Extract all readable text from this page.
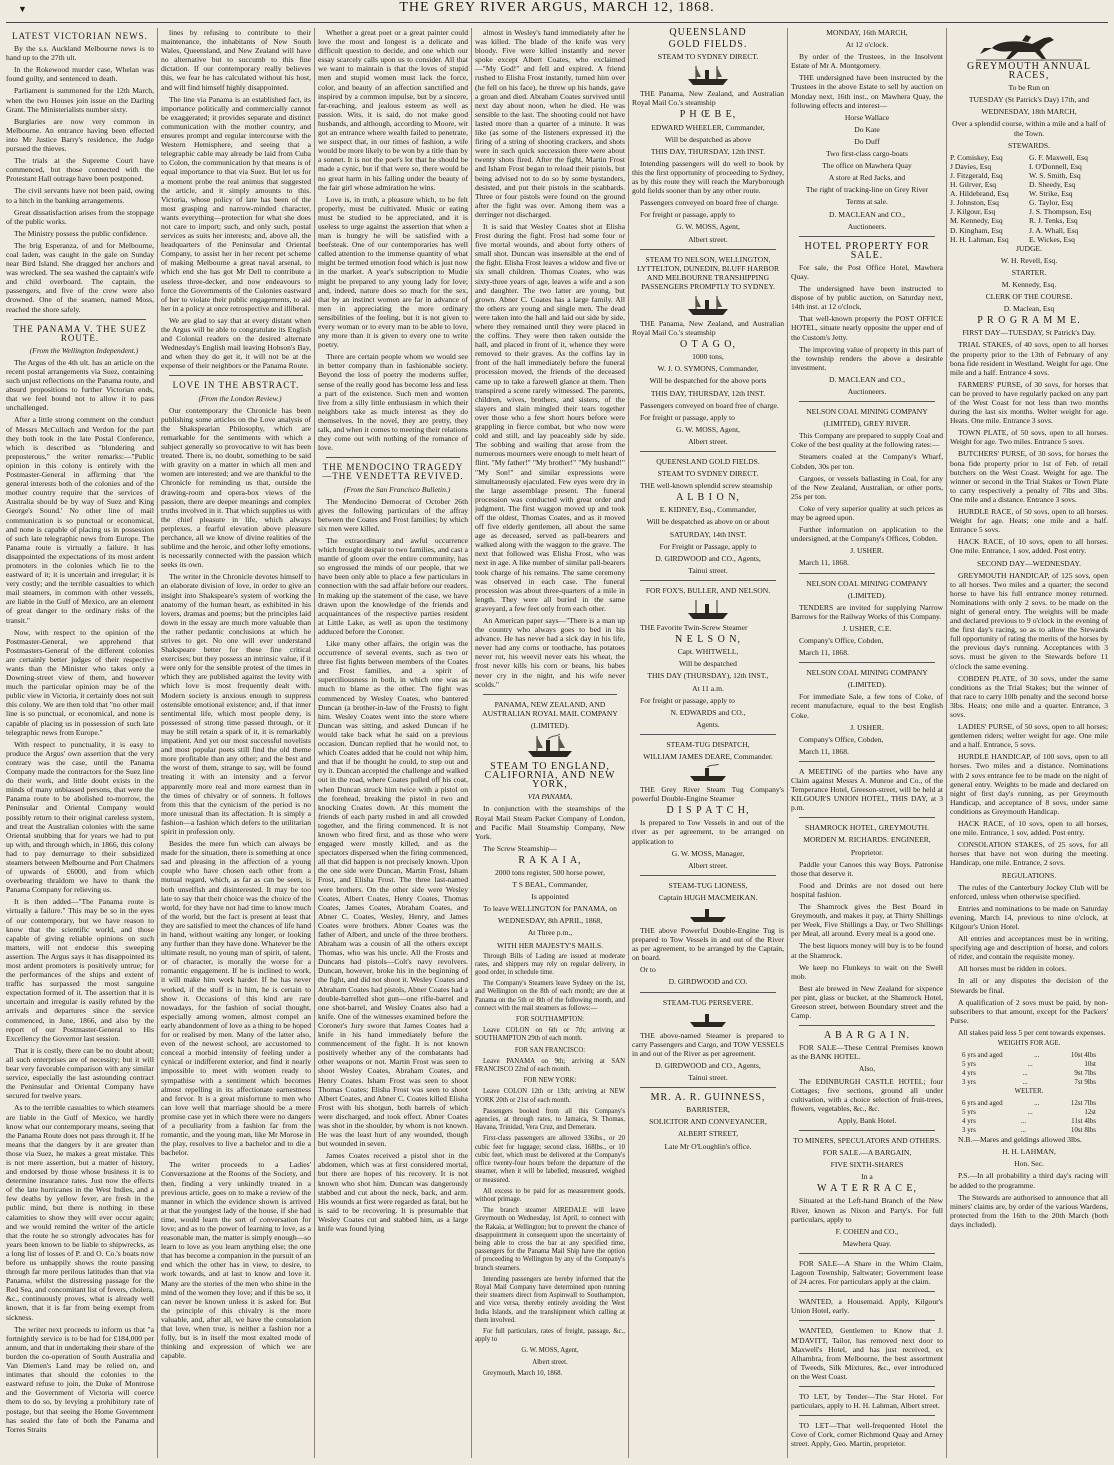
▼	THE GREY RIVER ARGUS, MARCH 12, 1868.
LATEST VICTORIAN NEWS.

By the s.s. Auckland Melbourne news is to hand up to the 27th ult.

In the Rokewood murder case, Whelan was found guilty, and sentenced to death.

Parliament is summoned for the 12th March, when the two Houses join issue on the Darling Grant. The Ministerialists number sixty.

Burglaries are now very common in Melbourne. An entrance having been effected into Mr Justice Barry's residence, the Judge pursued the thieves.

The trials at the Supreme Court have commenced, but those connected with the Protestant Hall outrage have been postponed.

The civil servants have not been paid, owing to a hitch in the banking arrangements.

Great dissatisfaction arises from the stoppage of the public works.

The Ministry possess the public confidence.

The brig Esperanza, of and for Melbourne, coal laden, was caught in the gale on Sunday near Bird Island. She dragged her anchors and was wrecked. The sea washed the captain's wife and child overboard. The captain, the passengers, and five of the crew were also drowned. One of the seamen, named Moss, reached the shore safely.

THE PANAMA V. THE SUEZ ROUTE.

(From the Wellington Independent.)

The Argus of the 4th ult. has an article on the recent postal arrangements via Suez, containing such unjust reflections on the Panama route, and absurd propositions to further Victorian ends, that we feel bound not to allow it to pass unchallenged.

After a little strong comment on the conduct of Messrs McCulloch and Verdon for the part they both took in the late Postal Conference, which is described as "blundering and preposterous," the writer remarks:—"Public opinion in this colony is entirely with the Postmaster-General in affirming that 'the general interests both of the colonies and of the mother country require that the services of Australia should be by way of Suez and King George's Sound.' No other line of mail communication is so punctual or economical, and none is capable of placing us in possession of such late telegraphic news from Europe. The Panama route is virtually a failure. It has disappointed the expectations of its most ardent promoters in the colonies which lie to the eastward of it; it is uncertain and irregular; it is very costly; and the terrible casualties to which mail steamers, in common with other vessels, are liable in the Gulf of Mexico, are an element of great danger to the ordinary risks of the transit."

Now, with respect to the opinion of the Postmaster-General, we apprehend that Postmasters-General of the different colonies are certainly better judges of their respective wants than the Minister who takes only a Downing-street view of them, and however much the particular opinion may be of the public view in Victoria, it certainly does not suit this colony. We are then told that "no other mail line is so punctual, or economical, and none is capable of placing us in possession of such late telegraphic news from Europe."

With respect to punctuality, it is easy to produce the Argus' own assertion that the very contrary was the case, until the Panama Company made the contractors for the Suez line do their work, and little doubt exists in the minds of many unbiassed persons, that were the Panama route to be abolished to-morrow, the Peninsular and Oriental Company would possibly return to their original careless system, and treat the Australian colonies with the same Oriental snubbing that for years we had to put up with, and through which, in 1866, this colony had to pay demurrage to their subsidized steamers between Melbourne and Port Chalmers of upwards of £6000, and from which overbearing thraldom we have to thank the Panama Company for relieving us.

It is then added—"The Panama route is virtually a failure." This may be so in the eyes of our contemporary, but we have reason to know that the scientific world, and those capable of giving reliable opinions on such matters, will not endorse this sweeping assertion. The Argus says it has disappointed its most ardent promoters is positively untrue; for the performances of the ships and extent of traffic has surpassed the most sanguine expectation formed of it. The assertion that it is uncertain and irregular is easily refuted by the arrivals and departures since the service commenced, in June, 1866, and also by the report of our Postmaster-General to His Excellency the Governor last session.

That it is costly, there can be no doubt about; all such enterprises are of necessity; but it will bear very favorable comparison with any similar service, especially the last astounding contract the Peninsular and Oriental Company have secured for twelve years.

As to the terrible casualties to which steamers are liable in the Gulf of Mexico, we hardly know what our contemporary means, seeing that the Panama Route does not pass through it. If he means that the dangers by it are greater than those via Suez, he makes a great mistake. This is not mere assertion, but a matter of history, and endorsed by those whose business it is to determine insurance rates. Just now the effects of the late hurricanes in the West Indies, and a few deaths by yellow fever, are fresh in the public mind, but there is nothing in these calamities to show they will ever occur again; and we would remind the writer of the article that the route he so strongly advocates has for years been known to be liable to shipwrecks, as a long list of losses of P. and O. Co.'s boats now before us unhappily shows the route passing through far more perilous latitudes than that via Panama, whilst the distressing passage for the Red Sea, and concomitant list of fevers, cholera, &c., continuously proves, what is already well known, that it is far from being exempt from sickness.

The writer next proceeds to inform us that "a fortnightly service is to be had for £184,000 per annum, and that in undertaking their share of the burden the co-operation of South Australia and Van Diemen's Land may be relied on, and intimates that should the colonies to the eastward refuse to join, the Duke of Montrose and the Government of Victoria will coerce them to do so, by levying a prohibitory rate of postage, but that seeing the Home Government has sealed the fate of both the Panama and Torres Straits

lines by refusing to contribute to their maintenance, the inhabitants of New South Wales, Queensland, and New Zealand will have no alternative but to succumb to this fine dictation. If our contemporary really believes this, we fear he has calculated without his host, and will find himself highly disappointed.

The line via Panama is an established fact, its importance politically and commercially cannot be exaggerated; it provides separate and distinct communication with the mother country, and ensures prompt and regular intercourse with the Western Hemisphere, and seeing that a telegraphic cable may already be laid from Cuba to Colon, the communication by that means is of equal importance to that via Suez. But let us for a moment probe the real animus that suggested the article, and it simply amounts to this. Victoria, whose policy of late has been of the most grasping and narrow-minded character, wants everything—protection for what she does not care to import; such, and only such, postal services as suits her interests; and, above all, the headquarters of the Peninsular and Oriental Company, to assist her in her recent pet scheme of making Melbourne a great naval arsenal, to which end she has got Mr Dell to contribute a useless three-decker, and now endeavours to force the Governments of the Colonies eastward of her to violate their public engagements, to aid her in a policy at once retrospective and illiberal.

We are glad to say that at every distant when the Argus will be able to congratulate its English and Colonial readers on the desired alternate Wednesday's English mail leaving Hobson's Bay, and when they do get it, it will not be at the expense of their neighbors or the Panama Route.

LOVE IN THE ABSTRACT.

(From the London Review.)

Our contemporary the Chronicle has been publishing some articles on the Love analysis of the Shakspearian Philosophy, which are remarkable for the sentiments with which a subject generally so provocative to wit has been treated. There is, no doubt, something to be said with gravity on a matter in which all men and women are interested; and we are thankful to the Chronicle for reminding us that, outside the drawing-room and opera-box views of the passion, there are deeper meanings and complex truths involved in it. That which supplies us with the chief pleasure in life, which always perplexes, a fearful elevation above pleasure perchance, all we know of divine realities of the sublime and the heroic, and other lofty emotions, is necessarily connected with the passion which seeks its own.

The writer in the Chronicle devotes himself to an elaborate division of love, in order to give an insight into Shakspeare's system of working the anatomy of the human heart, as exhibited in his lovers, dramas and poems; but the principles laid down in the essay are much more valuable than the rather pedantic conclusions at which he strives to get. No one will ever understand Shakspeare better for these fine critical exercises; but they possess an intrinsic value, if it were only for the sensible protest of the times in which they are published against the levity with which love is most frequently dealt with. Modern society is anxious enough to suppress ostensible emotional existence; and, if that inner sentimental life, which most people deny, is possessed of strong time passed through, or it may be still retain a spark of it, it is remarkably impatient. And yet our most successful novelists and most popular poets still find the old theme more profitable than any other; and the best and the worst of them, strange to say, will be found treating it with an intensity and a fervor apparently more real and more earnest than in the times of chivalry or of sonnets. It follows from this that the cynicism of the period is no more unusual than its affectation. It is simply a fashion—a fashion which defers to the utilitarian spirit in profession only.

Besides the mere fun which can always be made for the situation, there is something at once sad and pleasing in the affection of a young couple who have chosen each other from a mutual regard, which, as far as can be seen, is both unselfish and disinterested. It may be too late to say that their choice was the choice of the world, for they have not had time to know much of the world, but the fact is present at least that they are satisfied to meet the chances of life hand in hand, without waiting any longer, or looking any further than they have done. Whatever be the ultimate result, no young man of spirit, of talent, or of character, is morally the worse for a romantic engagement. If he is inclined to work, it will make him work harder. If he has never worked, if the stuff is in him, he is certain to show it. Occasions of this kind are rare nowadays, for the fashion of social thought, especially among women, almost compel an early abandonment of love as a thing to be hoped for or realised by men. Many of the latter also, even of the newest school, are accustomed to conceal a morbid intensity of feeling under a cynical or indifferent exterior, and find it nearly impossible to meet with women ready to sympathise with a sentiment which becomes almost repelling in its affectionate earnestness and fervor. It is a great misfortune to men who can love well that marriage should be a mere promise case yet in which there were no dangers of a peculiarity from a fashion far from the romantic, and the young man, like Mr Morose in the play, resolves to live a bachelor and to die a bachelor.

The writer proceeds to a Ladies' Conversazione at the Rooms of the Society, and then, finding a very unkindly treated in a previous article, goes on to make a review of the manner in which the evidence shown is arrived at that the youngest lady of the house, if she had time, would learn the sort of conversation for love; and as to the power of learning to love, as a reasonable man, the matter is simply enough—so learn to love as you learn anything else; the one that has become a companion in the pursuit of an end which the other has in view, to desire, to work towards, and at last to know and love it. Many are the stories of the men who shine in the mind of the women they love; and if this be so, it can never be known unless it is asked for. But the principle of this chivalry is the more valuable, and, after all, we have the consolation that love, when true, is neither a fashion nor a folly, but is in itself the most exalted mode of thinking and expression of which we are capable.

Whether a great poet or a great painter could love the most and longest is a delicate and difficult question to decide, and one which our essay scarcely calls upon us to consider. All that we want to maintain is that the loves of stupid men and stupid women must lack the force, color, and beauty of an affection sanctified and inspired by a common impulse, but by a sincere, far-reaching, and jealous esteem as well as passion. Wits, it is said, do not make good husbands, and although, according to Moore, wit got an entrance where wealth failed to penetrate, we suspect that, in our times of fashion, a wife would be more likely to be won by a title than by a sonnet. It is not the poet's lot that he should be made a cynic, but if that were so, there would be no great harm in his falling under the beauty of the fair girl whose admiration he wins.

Love is, in truth, a pleasure which, to be felt properly, must be cultivated. Music or eating must be studied to be appreciated, and it is useless to urge against the assertion that when a man is hungry he will be satisfied with a beefsteak. One of our contemporaries has well called attention to the immense quantity of what might be termed emotion food which is just now in the market. A year's subscription to Mudie might be prepared to any young lady for love; and, indeed, nature does so much for the sex, that by an instinct women are far in advance of men in appreciating the more ordinary sensibilities of the feeling, but it is not given to every woman or to every man to be able to love, any more than it is given to every one to write poetry.

There are certain people whom we would see in better company than in fashionable society. Beyond the loss of poetry the moderns suffer, sense of the really good has become less and less a part of the existence. Such men and women live from a silly little enthusiasm in which their neighbors take as much interest as they do themselves. In the novel, they are pretty, they talk, and when it comes to meeting their relations they come out with nothing of the romance of love.

THE MENDOCINO TRAGEDY—THE VENDETTA REVIVED.

(From the San Francisco Bulletin.)

The Mendocino Democrat of October 26th gives the following particulars of the affray between the Coates and Frost families; by which six men were killed.

The extraordinary and awful occurrence which brought despair to two families, and cast a mantle of gloom over the entire community, has so engrossed the minds of our people, that we have been only able to place a few particulars in connection with the sad affair before our readers. In making up the statement of the case, we have drawn upon the knowledge of the friends and acquaintances of the respective parties resident at Little Lake, as well as upon the testimony adduced before the Coroner.

Like many other affairs, the origin was the occurrence of several events, such as two or three fist fights between members of the Coates and Frost families, and a spirit of superciliousness in both, in which one was as much to blame as the other. The fight was commenced by Wesley Coates, who bantered Duncan (a brother-in-law of the Frosts) to fight him. Wesley Coates went into the store where Duncan was sitting, and asked Duncan if he would take back what he said on a previous occasion. Duncan replied that he would not, to which Coates added that he could not whip him, and that if he thought he could, to step out and try it. Duncan accepted the challenge and walked out in the road, where Coates pulled off his coat, when Duncan struck him twice with a pistol on the forehead, breaking the pistol in two and knocking Coates down. At this moment the friends of each party rushed in and all crowded together, and the firing commenced. It is not known who fired first, and as those who were engaged were mostly killed, and as the spectators dispersed when the firing commenced, all that did happen is not precisely known. Upon the one side were Duncan, Martin Frost, Isham Frost, and Elisha Frost. The three last-named were brothers. On the other side were Wesley Coates, Albert Coates, Henry Coates, Thomas Coates, James Coates, Abraham Coates, and Abner C. Coates, Wesley, Henry, and James Coates were brothers. Abner Coates was the father of Albert, and uncle of the three brothers. Abraham was a cousin of all the others except Thomas, who was his uncle. All the Frosts and Duncans had pistols—Colt's navy revolvers. Duncan, however, broke his in the beginning of the fight, and did not shoot it. Wesley Coates and Abraham Coates had pistols, Abner Coates had a double-barrelled shot gun—one rifle-barrel and one shot-barrel, and Wesley Coates also had a knife. One of the witnesses examined before the Coroner's Jury swore that James Coates had a knife in his hand immediately before the commencement of the fight. It is not known positively whether any of the combatants had other weapons or not. Martin Frost was seen to shoot Wesley Coates, Abraham Coates, and Henry Coates. Isham Frost was seen to shoot Thomas Coates; Elisha Frost was seen to shoot Albert Coates, and Abner C. Coates killed Elisha Frost with his shotgun, both barrels of which were discharged, and took effect. Abner Coates was shot in the shoulder, by whom is not known. He was the least hurt of any wounded, though but wounded in seven.

James Coates received a pistol shot in the abdomen, which was at first considered mortal, but there are hopes of his recovery. It is not known who shot him. Duncan was dangerously stabbed and cut about the neck, back, and arm. His wounds at first were regarded as fatal, but he is said to be recovering. It is presumable that Wesley Coates cut and stabbed him, as a large knife was found lying

almost in Wesley's hand immediately after he was killed. The blade of the knife was very bloody. Five were killed instantly and never spoke except Albert Coates, who exclaimed—"My God!" and fell and expired. A friend rushed to Elisha Frost instantly, turned him over (he fell on his face), he threw up his hands, gave a groan and died. Abraham Coates survived until next day about noon, when he died. He was sensible to the last. The shooting could not have lasted more than a quarter of a minute. It was like (as some of the listeners expressed it) the firing of a string of shooting crackers, and shots were in such quick succession there were about twenty shots fired. After the fight, Martin Frost and Isham Frost began to reload their pistols, but being advised not to do so by some bystanders, desisted, and put their pistols in the scabbards. Three or four pistols were found on the ground after the fight was over. Among them was a derringer not discharged.

It is said that Wesley Coates shot at Elisha Frost during the fight. Frost had some four or five mortal wounds, and about forty others of small shot. Duncan was insensible at the end of the fight. Elisha Frost leaves a widow and five or six small children. Thomas Coates, who was sixty-three years of age, leaves a wife and a son and daughter. The two latter are young, but grown. Abner C. Coates has a large family. All the others are young and single men. The dead were taken into the hall and laid out side by side, where they remained until they were placed in the coffins. They were then taken outside the hall, and placed in front of it, whence they were removed to their graves. As the coffins lay in front of the hall immediately before the funeral procession moved, the friends of the deceased came up to take a farewell glance at them. Then transpired a scene rarely witnessed. The parents, children, wives, brothers, and sisters, of the slayers and slain mingled their tears together over those who a few short hours before were grappling in fierce combat, but who now were cold and still, and lay peaceably side by side. The sobbing and wailing that arose from the numerous mourners were enough to melt heart of flint. "My father!" "My brother!" "My husband!" "My Son!" and similar expressions were simultaneously ejaculated. Few eyes were dry in the large assemblage present. The funeral procession was conducted with great order and judgment. The first waggon moved up and took off the oldest, Thomas Coates, and as it moved off five elderly gentlemen, all about the same age as deceased, served as pall-bearers and walked along with the waggon to the grave. The next that followed was Elisha Frost, who was next in age. A like number of similar pall-bearers took charge of his remains. The same ceremony was observed in each case. The funeral procession was about three-quarters of a mile in length. They were all buried in the same graveyard, a few feet only from each other.

An American paper says—"There is a man up the country who always goes to bed in his advance. He has never had a sick day in his life, never had any corns or toothache, has potatoes never rot, his weevil never eats his wheat, the frost never kills his corn or beans, his babes never cry in the night, and his wife never scolds."

PANAMA, NEW ZEALAND, AND AUSTRALIAN ROYAL MAIL COMPANY

(LIMITED).

STEAM TO ENGLAND, CALIFORNIA, AND NEW YORK,

VIA PANAMA,

In conjunction with the steamships of the Royal Mail Steam Packet Company of London, and Pacific Mail Steamship Company, New York.

The Screw Steamship—

R A K A I A,

2000 tons register, 500 horse power,

T S BEAL, Commander,

Is appointed

To leave WELLINGTON for PANAMA, on

WEDNESDAY, 8th APRIL, 1868,

At Three p.m.,

WITH HER MAJESTY'S MAILS.

Through Bills of Lading are issued at moderate rates, and shippers may rely on regular delivery, in good order, in schedule time.

The Company's Steamers leave Sydney on the 1st, and Wellington on the 8th of each month; are due at Panama on the 5th or 8th of the following month, and connect with the mail steamers as follows:—

FOR SOUTHAMPTON:

Leave COLON on 6th or 7th; arriving at SOUTHAMPTON 29th of each month.

FOR SAN FRANCISCO:

Leave PANAMA on 9th; arriving at SAN FRANCISCO 22nd of each month.

FOR NEW YORK:

Leave COLON 12th or 13th; arriving at NEW YORK 20th or 21st of each month.

Passengers booked from all this Company's agencies, at through rates, to Jamaica, St Thomas, Havana, Trinidad, Vera Cruz, and Demerara.

First-class passengers are allowed 336lbs., or 20 cubic feet for luggage; second class, 168lbs., or 10 cubic feet, which must be delivered at the Company's office twenty-four hours before the departure of the steamer, when it will be labelled, measured, weighed or measured.

All excess to be paid for as measurement goods, without primage.

The branch steamer AIREDALE will leave Greymouth on Wednesday, 1st April, to connect with the Rakaia, at Wellington; but to prevent the chance of disappointment in consequent upon the uncertainty of being able to cross the bar at any specified time, passengers for the Panama Mail Ship have the option of proceeding to Wellington by any of the Company's branch steamers.

Intending passengers are hereby informed that the Royal Mail Company have determined upon running their steamers direct from Aspinwall to Southampton, and vice versa, thereby entirely avoiding the West India Islands, and the transhipment which calling at them involved.

For full particulars, rates of freight, passage, &c., apply to

G. W. MOSS, Agent,

Albert street.

Greymouth, March 10, 1868.

QUEENSLAND

GOLD FIELDS.

STEAM TO SYDNEY DIRECT.

THE Panama, New Zealand, and Australian Royal Mail Co.'s steamship

P H Œ B E,

EDWARD WHEELER, Commander,

Will be despatched as above

THIS DAY, THURSDAY, 12th INST.

Intending passengers will do well to book by this the first opportunity of proceeding to Sydney, as by this route they will reach the Maryborough gold fields sooner than by any other route.

Passengers conveyed on board free of charge.

For freight or passage, apply to

G. W. MOSS, Agent,

Albert street.

STEAM TO NELSON, WELLINGTON, LYTTELTON, DUNEDIN, BLUFF HARBOR AND MELBOURNE TRANSHIPPING PASSENGERS PROMPTLY TO SYDNEY.

THE Panama, New Zealand, and Australian Royal Mail Co.'s steamship

O T A G O,

1000 tons,

W. J. O. SYMONS, Commander,

Will be despatched for the above ports

THIS DAY, THURSDAY, 12th INST.

Passengers conveyed on board free of charge.

For freight or passage, apply to

G. W. MOSS, Agent,

Albert street.

QUEENSLAND GOLD FIELDS.

STEAM TO SYDNEY DIRECT.

THE well-known splendid screw steamship

A L B I O N,

E. KIDNEY, Esq., Commander,

Will be despatched as above on or about

SATURDAY, 14th INST.

For Freight or Passage, apply to

D. GIRDWOOD and CO., Agents,

Tainui street.

FOR FOX'S, BULLER, AND NELSON.

THE Favorite Twin-Screw Steamer

N E L S O N,

Capt. WHITWELL,

Will be despatched

THIS DAY (THURSDAY), 12th INST.,

At 11 a.m.

For freight or passage, apply to

N. EDWARDS and CO.,

Agents.

STEAM-TUG DISPATCH,

WILLIAM JAMES DEARE, Commander.

THE Grey River Steam Tug Company's powerful Double-Engine Steamer

D I S P A T C H,

Is prepared to Tow Vessels in and out of the river as per agreement, to be arranged on application to

G. W. MOSS, Manager,

Albert street.

STEAM-TUG LIONESS,

Captain HUGH MACMEIKAN.

THE above Powerful Double-Engine Tug is prepared to Tow Vessels in and out of the River as per agreement, to be arranged by the Captain, on board.

Or to

D. GIRDWOOD and CO.

STEAM-TUG PERSEVERE.

THE above-named Steamer is prepared to carry Passengers and Cargo, and TOW VESSELS in and out of the River as per agreement.

D. GIRDWOOD and CO., Agents,

Tainui street.

MR. A. R. GUINNESS,

BARRISTER,

SOLICITOR AND CONVEYANCER,

ALBERT STREET,

Late Mr O'Loughlin's office.

MONDAY, 16th MARCH,

At 12 o'clock.

By order of the Trustees, in the Insolvent Estate of Mr A. Montgomery.

THE undersigned have been instructed by the Trustees in the above Estate to sell by auction on Monday next, 16th inst., on Mawhera Quay, the following effects and interest—

Horse Wallace

Do Kate

Do Duff

Two first-class cargo-boats

The office on Mawhera Quay

A store at Red Jacks, and

The right of tracking-line on Grey River

Terms at sale.

D. MACLEAN and CO.,

Auctioneers.

HOTEL PROPERTY FOR SALE.

For sale, the Post Office Hotel, Mawhera Quay.

The undersigned have been instructed to dispose of by public auction, on Saturday next, 14th inst. at 12 o'clock,

That well-known property the POST OFFICE HOTEL, situate nearly opposite the upper end of the Custom's Jetty.

The improving value of property in this part of the township renders the above a desirable investment.

D. MACLEAN and CO.,

Auctioneers.

NELSON COAL MINING COMPANY

(LIMITED), GREY RIVER.

This Company are prepared to supply Coal and Coke of the best quality at the following rates:—

Steamers coaled at the Company's Wharf, Cobden, 30s per ton.

Cargoes, or vessels ballasting in Coal, for any of the New Zealand, Australian, or other ports, 25s per ton.

Coke of very superior quality at such prices as may be agreed upon.

Further information on application to the undersigned, at the Company's Offices, Cobden.

J. USHER.

March 11, 1868.

NELSON COAL MINING COMPANY

(LIMITED).

TENDERS are invited for supplying Narrow Barrows for the Railway Works of this Company.

J. USHER, C.E.

Company's Office, Cobden,

March 11, 1868.

NELSON COAL MINING COMPANY

(LIMITED).

For immediate Sale, a few tons of Coke, of recent manufacture, equal to the best English Coke.

J. USHER.

Company's Office, Cobden,

March 11, 1868.

A MEETING of the parties who have any Claim against Messrs A. Munroe and Co., of the Temperance Hotel, Greeson-street, will be held at KILGOUR'S UNION HOTEL, THIS DAY, at 3 p.m.

SHAMROCK HOTEL, GREYMOUTH.

MORDEN M. RICHARDS. ENGINEER,

Proprietor.

Paddle your Canoes this way Boys. Patronise those that deserve it.

Food and Drinks are not dosed out here hospital fashion.

The Shamrock gives the Best Board in Greymouth, and makes it pay, at Thirty Shillings per Week, Five Shillings a Day, or Two Shillings per Meal, all around. Every meal is a good one.

The best liquors money will buy is to be found at the Shamrock.

We keep no Flunkeys to wait on the Swell mob.

Best ale brewed in New Zealand for sixpence per pint, glass or bucket, at the Shamrock Hotel, Greeson street, between Boundary street and the Camp.

A B A R G A I N.

FOR SALE—These Central Premises known as the BANK HOTEL.

Also,

The EDINBURGH CASTLE HOTEL; four Cottages; five sections, ground all under cultivation, with a choice selection of fruit-trees, flowers, vegetables, &c., &c.

Apply, Bank Hotel.

TO MINERS, SPECULATORS AND OTHERS.

FOR SALE.—A BARGAIN,

FIVE SIXTH-SHARES

In a

W A T E R R A C E,

Situated at the Left-hand Branch of the New River, known as Nixon and Party's. For full particulars, apply to

F. COHEN and CO.,

Mawhera Quay.

FOR SALE—A Share in the Whim Claim, Lagoon Township, Saltwater; Government lease of 24 acres. For particulars apply at the claim.

WANTED, a Housemaid. Apply, Kilgour's Union Hotel, early.

WANTED, Gentlemen to Know that J. M'DAVITT, Tailor, has removed next door to Maxwell's Hotel, and has just received, ex Alhambra, from Melbourne, the best assortment of Tweeds, Silk Mixtures, &c., ever introduced on the West Coast.

TO LET, by Tender—The Star Hotel. For particulars, apply to H. H. Lahman, Albert street.

TO LET—That well-frequented Hotel the Cove of Cork, corner Richmond Quay and Arney street. Apply, Geo. Martin, proprietor.

GREYMOUTH ANNUAL RACES,

To be Run on

TUESDAY (St Patrick's Day) 17th, and

WEDNESDAY, 18th MARCH,

Over a splendid course, within a mile and a half of the Town.

STEWARDS.

P. Comiskey, Esq	G. F. Maxwell, Esq
J Davies, Esq	I. O'Donnell, Esq
J. Fitzgerald, Esq	W. S. Smith, Esq
H. Gilrver, Esq	D. Sheedy, Esq
A. Hildebrand, Esq	W. Strike, Esq
J. Johnston, Esq	G. Taylor, Esq
J. Kilgour, Esq	J. S. Thompson, Esq
M. Kennedy, Esq	R. J. Tenks, Esq
D. Kingham, Esq	J. A. Whall, Esq
H. H. Lahman, Esq	E. Wickes, Esq

JUDGE.

W. H. Revell, Esq.

STARTER.

M. Kennedy, Esq.

CLERK OF THE COURSE.

D. Maclean, Esq

P R O G R A M M E.

FIRST DAY—TUESDAY, St Patrick's Day.

TRIAL STAKES, of 40 sovs, open to all horses the property prior to the 13th of February of any bona fide resident in Westland. Weight for age. One mile and a half. Entrance 4 sovs.

FARMERS' PURSE, of 30 sovs, for horses that can be proved to have regularly packed on any part of the West Coast for not less than two months during the last six months. Welter weight for age. Heats. One mile. Entrance 3 sovs.

TOWN PLATE, of 50 sovs, open to all horses. Weight for age. Two miles. Entrance 5 sovs.

BUTCHERS' PURSE, of 30 sovs, for horses the bona fide property prior to 1st of Feb. of retail butchers on the West Coast. Weight for age. The winner or second in the Trial Stakes or Town Plate to carry respectively a penalty of 7lbs and 3lbs. One mile and a distance. Entrance 3 sovs.

HURDLE RACE, of 50 sovs, open to all horses. Weight for age. Heats; one mile and a half. Entrance 5 sovs.

HACK RACE, of 10 sovs, open to all horses. One mile. Entrance, 1 sov, added. Post entry.

SECOND DAY—WEDNESDAY.

GREYMOUTH HANDICAP, of 125 sovs, open to all horses. Two miles and a quarter; the second horse to have his full entrance money returned. Nominations with only 2 sovs. to be made on the night of general entry. The weights will be made and declared previous to 9 o'clock in the evening of the first day's racing, so as to allow the Stewards full opportunity of rating the merits of the horses by the previous day's running. Acceptances with 3 sovs. must be given to the Stewards before 11 o'clock the same evening.

COBDEN PLATE, of 30 sovs, under the same conditions as the Trial Stakes; but the winner of that race to carry 10lb penalty and the second horse 3lbs. Heats; one mile and a quarter. Entrance, 3 sovs.

LADIES' PURSE, of 50 sovs, open to all horses; gentlemen riders; welter weight for age. One mile and a half. Entrance, 5 sovs.

HURDLE HANDICAP, of 100 sovs, open to all horses. Two miles and a distance. Nominations with 2 sovs entrance fee to be made on the night of general entry. Weights to be made and declared on night of first day's running, as per Greymouth Handicap, and acceptance of 8 sovs, under same conditions as Greymouth Handicap.

HACK RACE, of 10 sovs, open to all horses, one mile. Entrance, 1 sov, added. Post entry.

CONSOLATION STAKES, of 25 sovs, for all horses that have not won during the meeting. Handicap, one mile. Entrance, 2 sovs.

REGULATIONS.

The rules of the Canterbury Jockey Club will be enforced, unless when otherwise specified.

Entries and nominations to be made on Saturday evening, March 14, previous to nine o'clock, at Kilgour's Union Hotel.

All entries and acceptances must be in writing, specifying age and description of horse, and colors of rider, and contain the requisite money.

All horses must be ridden in colors.

In all or any disputes the decision of the Stewards be final.

A qualification of 2 sovs must be paid, by non-subscribers to that amount, except for the Packers' Purse.

All stakes paid less 5 per cent towards expenses.

WEIGHTS FOR AGE.

6 yrs and aged	...	10st 4lbs
5 yrs	...	10st
4 yrs	...	9st 7lbs
3 yrs	...	7st 9lbs

WELTER.

6 yrs and aged	...	12st 7lbs
5 yrs	...	12st
4 yrs	...	11st 4lbs
3 yrs	...	10st 8lbs

N.B.—Mares and geldings allowed 3lbs.

H. H. LAHMAN,

Hon. Sec.

P.S.—In all probability a third day's racing will be added to the programme.

The Stewards are authorised to announce that all miners' claims are, by order of the various Wardens, protected from the 16th to the 20th March (both days included).
